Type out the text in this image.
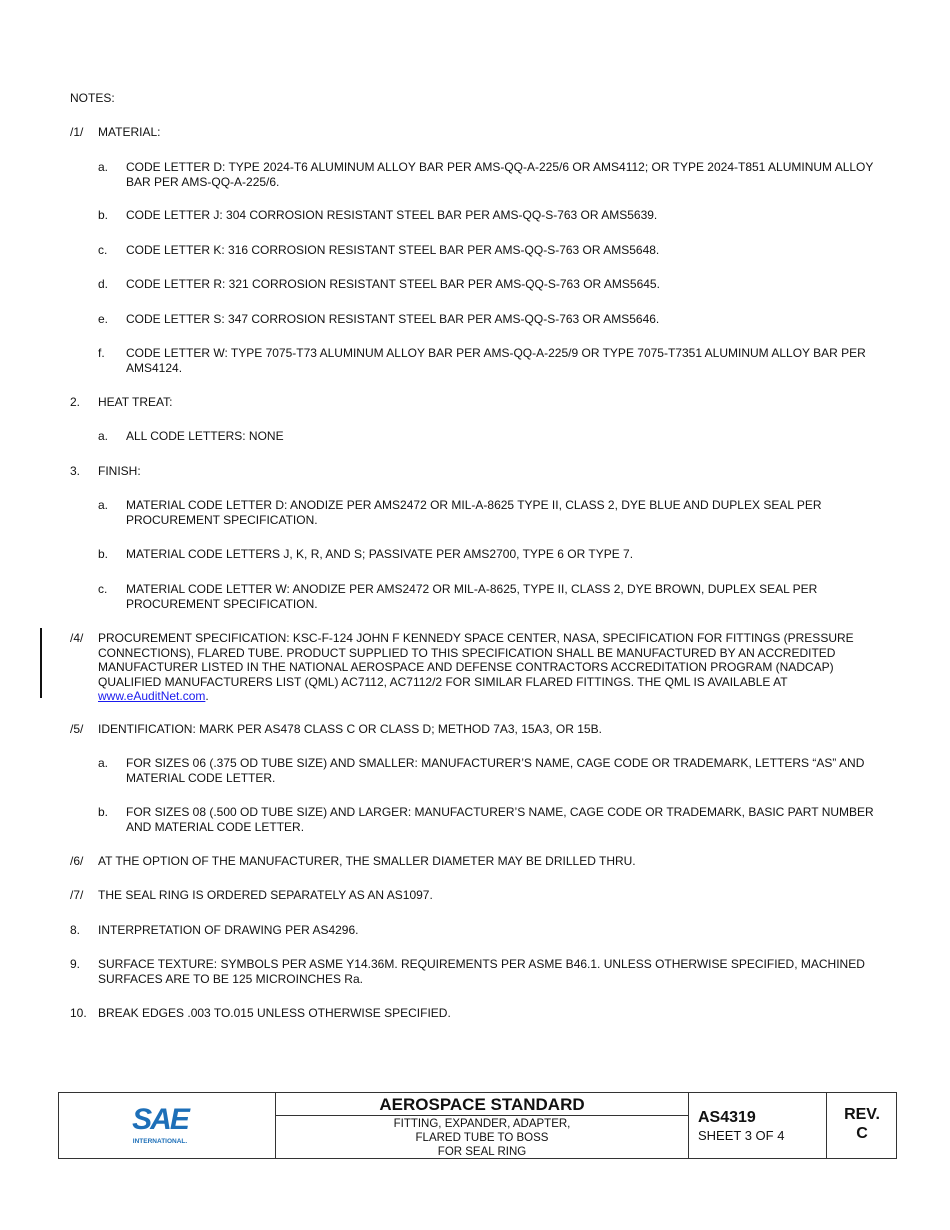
NOTES:
/1/ MATERIAL:
a. CODE LETTER D: TYPE 2024-T6 ALUMINUM ALLOY BAR PER AMS-QQ-A-225/6 OR AMS4112; OR TYPE 2024-T851 ALUMINUM ALLOY BAR PER AMS-QQ-A-225/6.
b. CODE LETTER J: 304 CORROSION RESISTANT STEEL BAR PER AMS-QQ-S-763 OR AMS5639.
c. CODE LETTER K: 316 CORROSION RESISTANT STEEL BAR PER AMS-QQ-S-763 OR AMS5648.
d. CODE LETTER R: 321 CORROSION RESISTANT STEEL BAR PER AMS-QQ-S-763 OR AMS5645.
e. CODE LETTER S: 347 CORROSION RESISTANT STEEL BAR PER AMS-QQ-S-763 OR AMS5646.
f. CODE LETTER W: TYPE 7075-T73 ALUMINUM ALLOY BAR PER AMS-QQ-A-225/9 OR TYPE 7075-T7351 ALUMINUM ALLOY BAR PER AMS4124.
2. HEAT TREAT:
a. ALL CODE LETTERS: NONE
3. FINISH:
a. MATERIAL CODE LETTER D: ANODIZE PER AMS2472 OR MIL-A-8625 TYPE II, CLASS 2, DYE BLUE AND DUPLEX SEAL PER PROCUREMENT SPECIFICATION.
b. MATERIAL CODE LETTERS J, K, R, AND S; PASSIVATE PER AMS2700, TYPE 6 OR TYPE 7.
c. MATERIAL CODE LETTER W: ANODIZE PER AMS2472 OR MIL-A-8625, TYPE II, CLASS 2, DYE BROWN, DUPLEX SEAL PER PROCUREMENT SPECIFICATION.
/4/ PROCUREMENT SPECIFICATION: KSC-F-124 JOHN F KENNEDY SPACE CENTER, NASA, SPECIFICATION FOR FITTINGS (PRESSURE CONNECTIONS), FLARED TUBE. PRODUCT SUPPLIED TO THIS SPECIFICATION SHALL BE MANUFACTURED BY AN ACCREDITED MANUFACTURER LISTED IN THE NATIONAL AEROSPACE AND DEFENSE CONTRACTORS ACCREDITATION PROGRAM (NADCAP) QUALIFIED MANUFACTURERS LIST (QML) AC7112, AC7112/2 FOR SIMILAR FLARED FITTINGS. THE QML IS AVAILABLE AT
www.eAuditNet.com.
/5/ IDENTIFICATION: MARK PER AS478 CLASS C OR CLASS D; METHOD 7A3, 15A3, OR 15B.
a. FOR SIZES 06 (.375 OD TUBE SIZE) AND SMALLER: MANUFACTURER’S NAME, CAGE CODE OR TRADEMARK, LETTERS “AS” AND MATERIAL CODE LETTER.
b. FOR SIZES 08 (.500 OD TUBE SIZE) AND LARGER: MANUFACTURER’S NAME, CAGE CODE OR TRADEMARK, BASIC PART NUMBER AND MATERIAL CODE LETTER.
/6/ AT THE OPTION OF THE MANUFACTURER, THE SMALLER DIAMETER MAY BE DRILLED THRU.
/7/ THE SEAL RING IS ORDERED SEPARATELY AS AN AS1097.
8. INTERPRETATION OF DRAWING PER AS4296.
9. SURFACE TEXTURE: SYMBOLS PER ASME Y14.36M. REQUIREMENTS PER ASME B46.1. UNLESS OTHERWISE SPECIFIED, MACHINED SURFACES ARE TO BE 125 MICROINCHES Ra.
10. BREAK EDGES .003 TO.015 UNLESS OTHERWISE SPECIFIED.
SAE
INTERNATIONAL.
AEROSPACE STANDARD
FITTING, EXPANDER, ADAPTER,
FLARED TUBE TO BOSS
FOR SEAL RING
AS4319
SHEET 3 OF 4
REV.
C
